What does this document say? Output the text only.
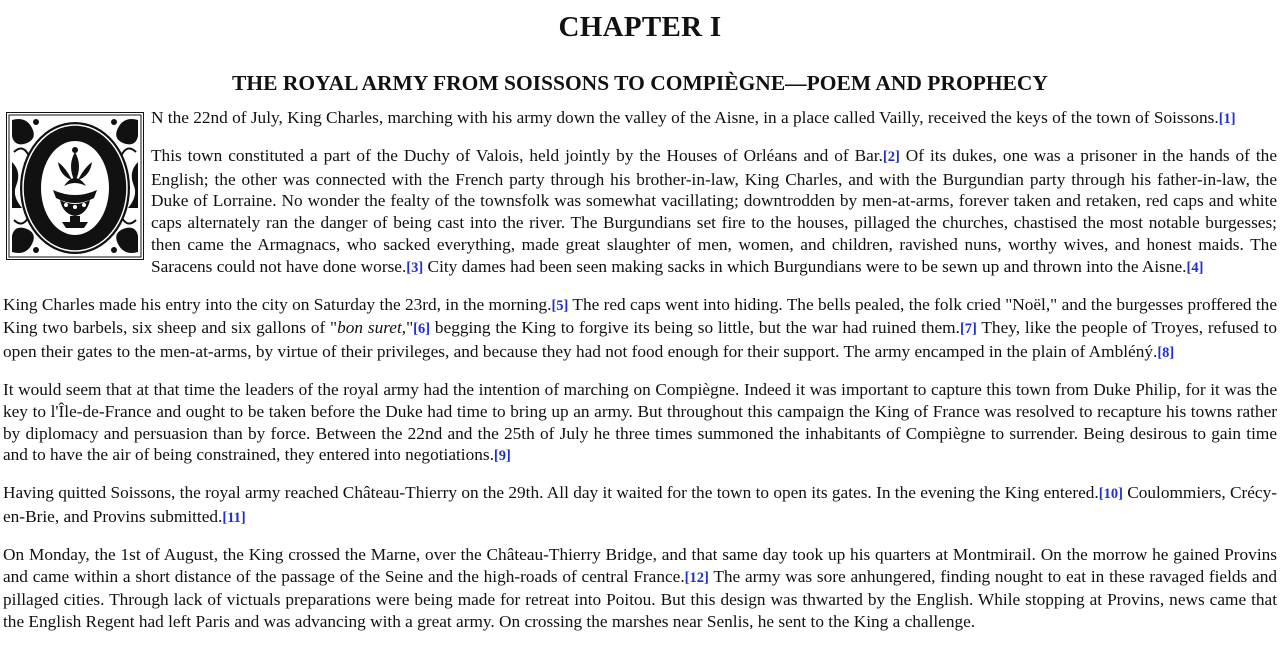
CHAPTER I
THE ROYAL ARMY FROM SOISSONS TO COMPIÈGNE—POEM AND PROPHECY

N the 22nd of July, King Charles, marching with his army down the valley of the Aisne, in a place called Vailly, received the keys of the town of Soissons.[1]

This town constituted a part of the Duchy of Valois, held jointly by the Houses of Orléans and of Bar.[2] Of its dukes, one was a prisoner in the hands of the English; the other was connected with the French party through his brother-in-law, King Charles, and with the Burgundian party through his father-in-law, the Duke of Lorraine. No wonder the fealty of the townsfolk was somewhat vacillating; downtrodden by men-at-arms, forever taken and retaken, red caps and white caps alternately ran the danger of being cast into the river. The Burgundians set fire to the houses, pillaged the churches, chastised the most notable burgesses; then came the Armagnacs, who sacked everything, made great slaughter of men, women, and children, ravished nuns, worthy wives, and honest maids. The Saracens could not have done worse.[3] City dames had been seen making sacks in which Burgundians were to be sewn up and thrown into the Aisne.[4]

King Charles made his entry into the city on Saturday the 23rd, in the morning.[5] The red caps went into hiding. The bells pealed, the folk cried "Noël," and the burgesses proffered the King two barbels, six sheep and six gallons of "bon suret,"[6] begging the King to forgive its being so little, but the war had ruined them.[7] They, like the people of Troyes, refused to open their gates to the men-at-arms, by virtue of their privileges, and because they had not food enough for their support. The army encamped in the plain of Ambléný.[8]

It would seem that at that time the leaders of the royal army had the intention of marching on Compiègne. Indeed it was important to capture this town from Duke Philip, for it was the key to l'Île-de-France and ought to be taken before the Duke had time to bring up an army. But throughout this campaign the King of France was resolved to recapture his towns rather by diplomacy and persuasion than by force. Between the 22nd and the 25th of July he three times summoned the inhabitants of Compiègne to surrender. Being desirous to gain time and to have the air of being constrained, they entered into negotiations.[9]

Having quitted Soissons, the royal army reached Château-Thierry on the 29th. All day it waited for the town to open its gates. In the evening the King entered.[10] Coulommiers, Crécy-en-Brie, and Provins submitted.[11]

On Monday, the 1st of August, the King crossed the Marne, over the Château-Thierry Bridge, and that same day took up his quarters at Montmirail. On the morrow he gained Provins and came within a short distance of the passage of the Seine and the high-roads of central France.[12] The army was sore anhungered, finding nought to eat in these ravaged fields and pillaged cities. Through lack of victuals preparations were being made for retreat into Poitou. But this design was thwarted by the English. While stopping at Provins, news came that the English Regent had left Paris and was advancing with a great army. On crossing the marshes near Senlis, he sent to the King a challenge.
